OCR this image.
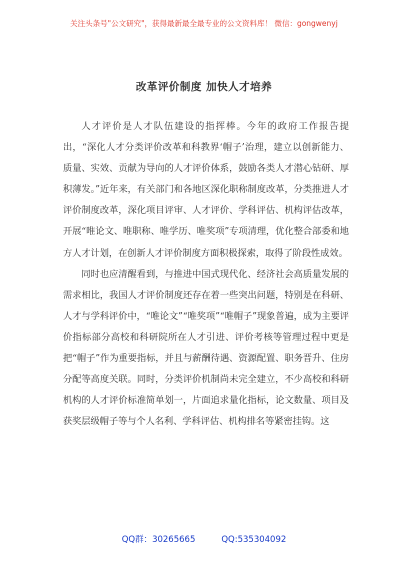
关注头条号"公文研究"，获得最新最全最专业的公文资料库！ 微信：gongwenyj
改革评价制度 加快人才培养

人才评价是人才队伍建设的指挥棒。今年的政府工作报告提出，“深化人才分类评价改革和科教界‘帽子’治理，建立以创新能力、质量、实效、贡献为导向的人才评价体系，鼓励各类人才潜心钻研、厚积薄发。”近年来，有关部门和各地区深化职称制度改革，分类推进人才评价制度改革，深化项目评审、人才评价、学科评估、机构评估改革，开展“唯论文、唯职称、唯学历、唯奖项”专项清理，优化整合部委和地方人才计划，在创新人才评价制度方面积极探索，取得了阶段性成效。

同时也应清醒看到，与推进中国式现代化、经济社会高质量发展的需求相比，我国人才评价制度还存在着一些突出问题，特别是在科研、人才与学科评价中，“唯论文”“唯奖项”“唯帽子”现象普遍，成为主要评价指标部分高校和科研院所在人才引进、评价考核等管理过程中更是把“帽子”作为重要指标，并且与薪酬待遇、资源配置、职务晋升、住房分配等高度关联。同时，分类评价机制尚未完全建立，不少高校和科研机构的人才评价标准简单划一，片面追求量化指标，论文数量、项目及获奖层级帽子等与个人名利、学科评估、机构排名等紧密挂钩。这

QQ群：30265665	QQ:535304092
